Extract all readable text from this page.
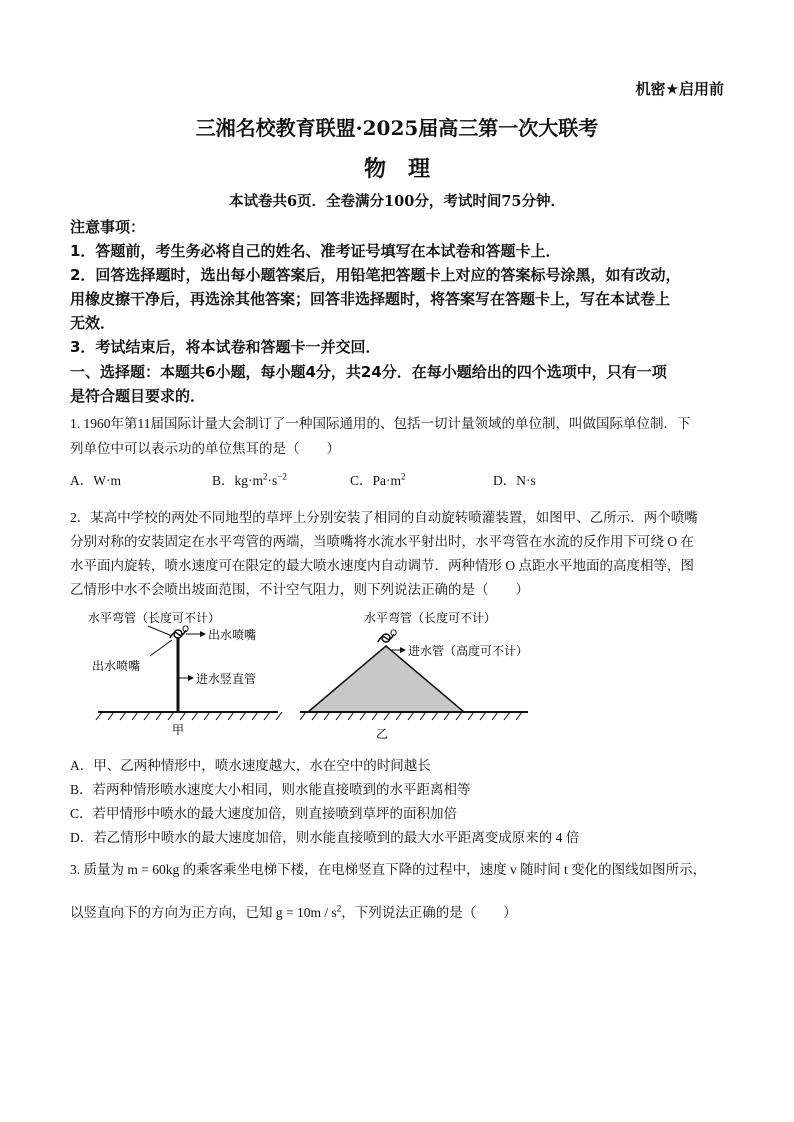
机密★启用前
三湘名校教育联盟·2025届高三第一次大联考
物理
本试卷共6页．全卷满分100分，考试时间75分钟．
注意事项：
1．答题前，考生务必将自己的姓名、准考证号填写在本试卷和答题卡上．
2．回答选择题时，选出每小题答案后，用铅笔把答题卡上对应的答案标号涂黑，如有改动，
用橡皮擦干净后，再选涂其他答案；回答非选择题时，将答案写在答题卡上，写在本试卷上
无效．
3．考试结束后，将本试卷和答题卡一并交回．
一、选择题：本题共6小题，每小题4分，共24分．在每小题给出的四个选项中，只有一项
是符合题目要求的．
1. 1960年第11届国际计量大会制订了一种国际通用的、包括一切计量领域的单位制，叫做国际单位制．下
列单位中可以表示功的单位焦耳的是（　　）
A．W·m	B．$kg\cdot m^2\cdot s^{-2}$	C．$Pa\cdot m^2$	D．N·s
2．某高中学校的两处不同地型的草坪上分别安装了相同的自动旋转喷灌装置，如图甲、乙所示．两个喷嘴
分别对称的安装固定在水平弯管的两端，当喷嘴将水流水平射出时，水平弯管在水流的反作用下可绕 O 在
水平面内旋转，喷水速度可在限定的最大喷水速度内自动调节．两种情形 O 点距水平地面的高度相等，图
乙情形中水不会喷出坡面范围，不计空气阻力，则下列说法正确的是（　　）
水平弯管（长度可不计）
出水喷嘴
出水喷嘴
进水竖直管
甲
O
水平弯管（长度可不计）
进水管（高度可不计）
乙
O
A．甲、乙两种情形中，喷水速度越大，水在空中的时间越长
B．若两种情形喷水速度大小相同，则水能直接喷到的水平距离相等
C．若甲情形中喷水的最大速度加倍，则直接喷到草坪的面积加倍
D．若乙情形中喷水的最大速度加倍，则水能直接喷到的最大水平距离变成原来的 4 倍
3. 质量为 m = 60kg 的乘客乘坐电梯下楼，在电梯竖直下降的过程中，速度 v 随时间 t 变化的图线如图所示，
以竖直向下的方向为正方向，已知 $g = 10m / s^2$，下列说法正确的是（　　）
